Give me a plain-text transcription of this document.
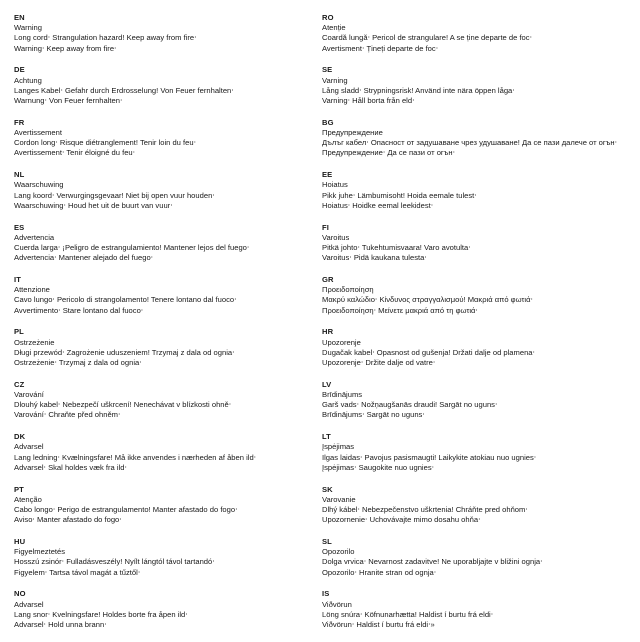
EN
Warning
Long cord‧ Strangulation hazard! Keep away from fire‧
Warning‧ Keep away from fire‧
DE
Achtung
Langes Kabel‧ Gefahr durch Erdrosselung! Von Feuer fernhalten‧
Warnung‧ Von Feuer fernhalten‧
FR
Avertissement
Cordon long‧ Risque diétranglement! Tenir loin du feu‧
Avertissement‧ Tenir éloigné du feu‧
NL
Waarschuwing
Lang koord‧ Verwurgingsgevaar! Niet bij open vuur houden‧
Waarschuwing‧ Houd het uit de buurt van vuur‧
ES
Advertencia
Cuerda larga‧ ¡Peligro de estrangulamiento! Mantener lejos del fuego‧
Advertencia‧ Mantener alejado del fuego‧
IT
Attenzione
Cavo lungo‧ Pericolo di strangolamento! Tenere lontano dal fuoco‧
Avvertimento‧ Stare lontano dal fuoco‧
PL
Ostrzeżenie
Długi przewód‧ Zagrożenie uduszeniem! Trzymaj z dala od ognia‧
Ostrzeżenie‧ Trzymaj z dala od ognia‧
CZ
Varování
Dlouhý kabel‧ Nebezpečí uškrcení! Nenechávat v blízkosti ohně‧
Varování‧ Chraňte před ohněm‧
DK
Advarsel
Lang ledning‧ Kvælningsfare! Må ikke anvendes i nærheden af åben ild‧
Advarsel‧ Skal holdes væk fra ild‧
PT
Atenção
Cabo longo‧ Perigo de estrangulamento! Manter afastado do fogo‧
Aviso‧ Manter afastado do fogo‧
HU
Figyelmeztetés
Hosszú zsinór‧ Fulladásveszély! Nyílt lángtól távol tartandó‧
Figyelem‧ Tartsa távol magát a tűztől‧
NO
Advarsel
Lang snor‧ Kvelningsfare! Holdes borte fra åpen ild‧
Advarsel‧ Hold unna brann‧
RO
Atenție
Coardă lungă‧ Pericol de strangulare! A se ține departe de foc‧
Avertisment‧ Țineți departe de foc‧
SE
Varning
Lång sladd‧ Strypningsrisk! Använd inte nära öppen låga‧
Varning‧ Håll borta från eld‧
BG
Предупреждение
Дълъг кабел‧ Опасност от задушаване чрез удушаване! Да се пази далече от огън‧
Предупреждение‧ Да се пази от огън‧
EE
Hoiatus
Pikk juhe‧ Lämbumisoht! Hoida eemale tulest‧
Hoiatus‧ Hoidke eemal leekidest‧
FI
Varoitus
Pitkä johto‧ Tukehtumisvaara! Varo avotulta‧
Varoitus‧ Pidä kaukana tulesta‧
GR
Προειδοποίηση
Μακρύ καλώδιο‧ Κίνδυνος στραγγαλισμού! Μακριά από φωτιά‧
Προειδοποίηση‧ Μείνετε μακριά από τη φωτιά‧
HR
Upozorenje
Dugačak kabel‧ Opasnost od gušenja! Držati dalje od plamena‧
Upozorenje‧ Držite dalje od vatre‧
LV
Brīdinājums
Garš vads‧ Nožņaugšanās draudi! Sargāt no uguns‧
Brīdinājums‧ Sargāt no uguns‧
LT
Įspėjimas
Ilgas laidas‧ Pavojus pasismaugti! Laikykite atokiau nuo ugnies‧
Įspėjimas‧ Saugokite nuo ugnies‧
SK
Varovanie
Dlhý kábel‧ Nebezpečenstvo uškrtenia! Chráňte pred ohňom‧
Upozornenie‧ Uchovávajte mimo dosahu ohňa‧
SL
Opozorilo
Dolga vrvica‧ Nevarnost zadavitve! Ne uporabljajte v bližini ognja‧
Opozorilo‧ Hranite stran od ognja‧
IS
Viðvörun
Löng snúra‧ Köfnunarhætta! Haldist í burtu frá eldi‧
Viðvörun‧ Haldist í burtu frá eldi‧»
